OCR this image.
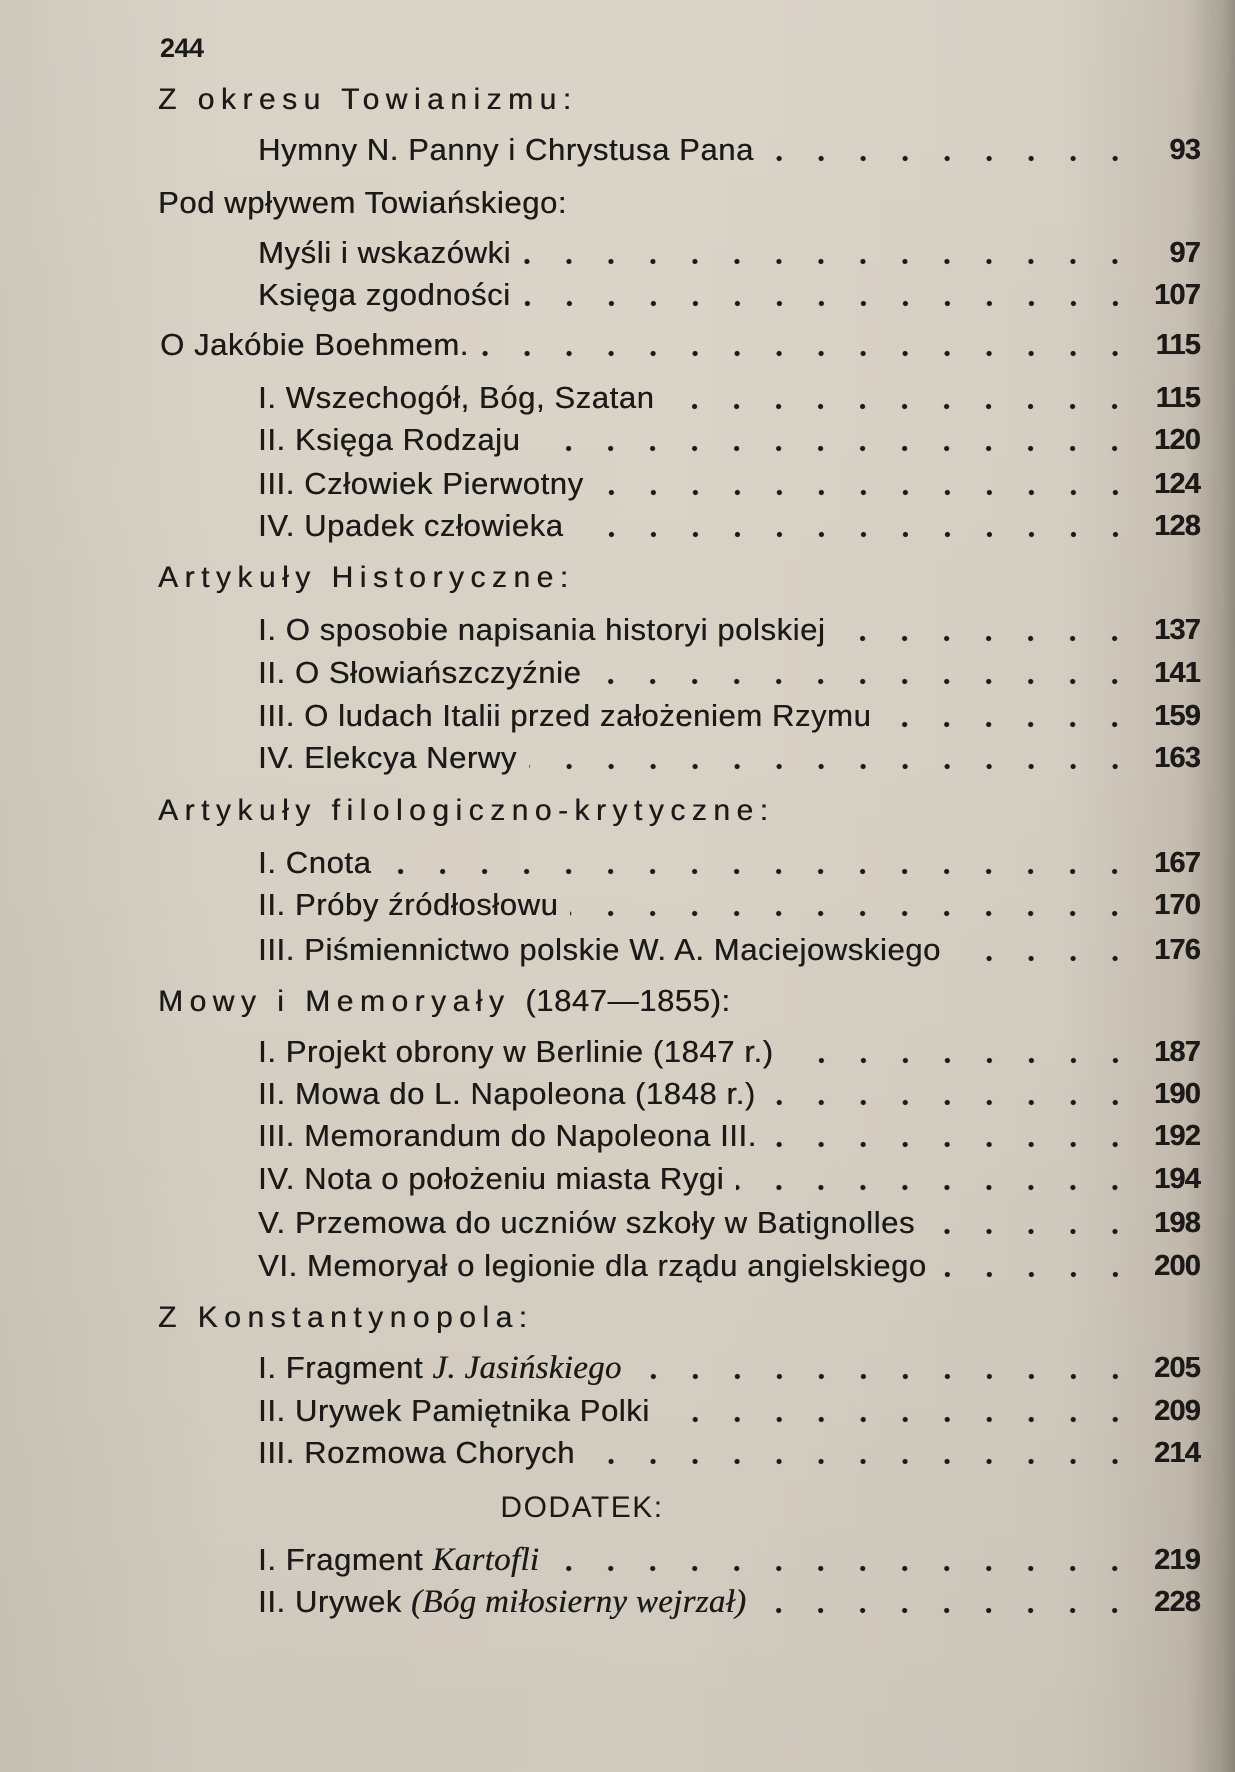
244
Z okresu Towianizmu:
Hymny N. Panny i Chrystusa Pana	93
Pod wpływem Towiańskiego:
Myśli i wskazówki	97
Księga zgodności	107
O Jakóbie Boehmem.	115
I. Wszechogół, Bóg, Szatan	115
II. Księga Rodzaju	120
III. Człowiek Pierwotny	124
IV. Upadek człowieka	128
Artykuły Historyczne:
I. O sposobie napisania historyi polskiej	137
II. O Słowiańszczyźnie	141
III. O ludach Italii przed założeniem Rzymu	159
IV. Elekcya Nerwy	163
Artykuły filologiczno-krytyczne:
I. Cnota	167
II. Próby źródłosłowu	170
III. Piśmiennictwo polskie W. A. Maciejowskiego	176
Mowy i Memoryały (1847—1855):
I. Projekt obrony w Berlinie (1847 r.)	187
II. Mowa do L. Napoleona (1848 r.)	190
III. Memorandum do Napoleona III.	192
IV. Nota o położeniu miasta Rygi	194
V. Przemowa do uczniów szkoły w Batignolles	198
VI. Memoryał o legionie dla rządu angielskiego	200
Z Konstantynopola:
I. Fragment J. Jasińskiego	205
II. Urywek Pamiętnika Polki	209
III. Rozmowa Chorych	214
DODATEK:
I. Fragment Kartofli	219
II. Urywek (Bóg miłosierny wejrzał)	228
